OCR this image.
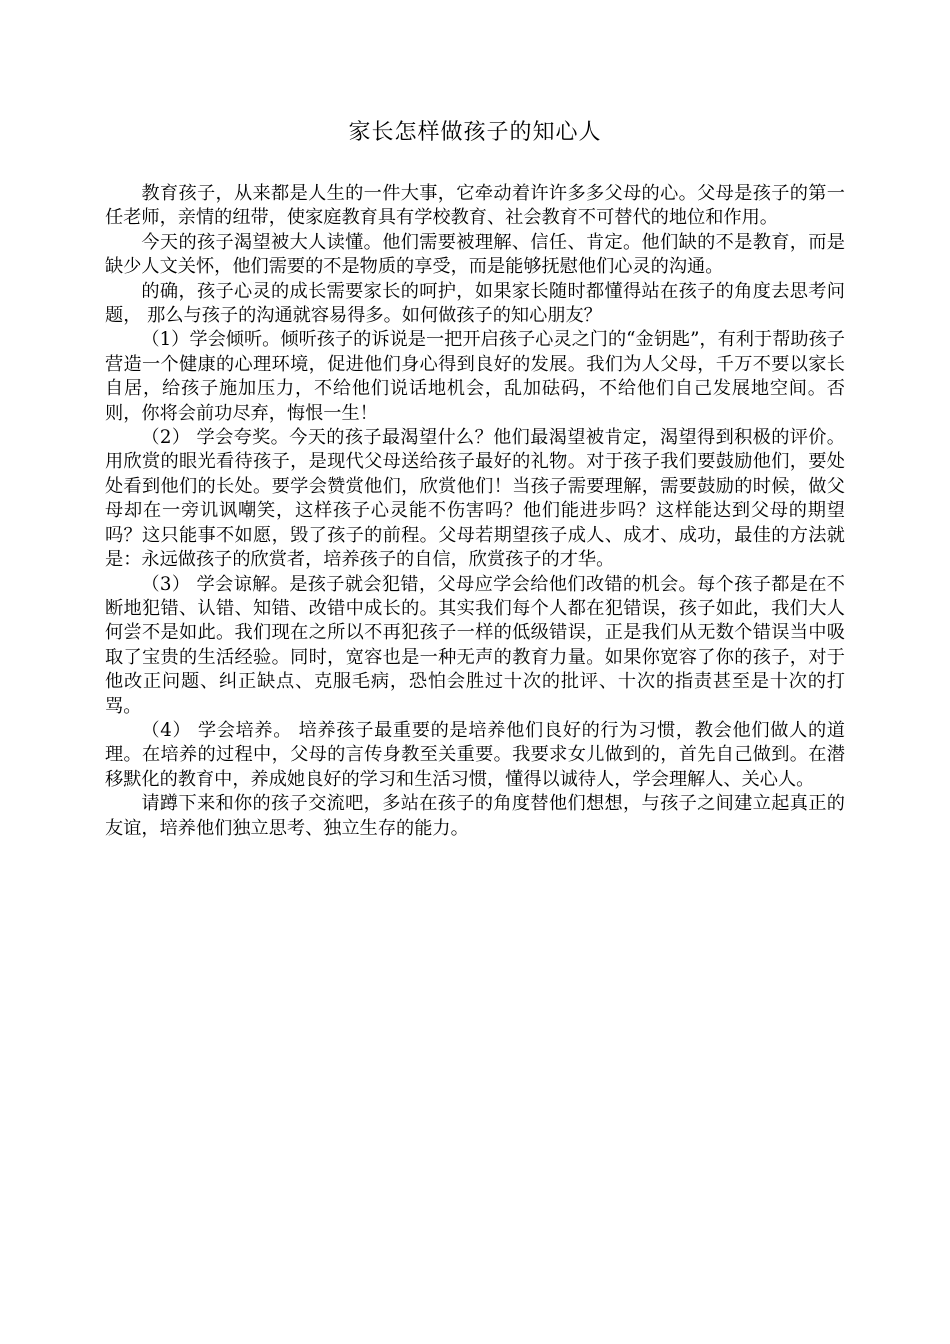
家长怎样做孩子的知心人

教育孩子，从来都是人生的一件大事，它牵动着许许多多父母的心。父母是孩子的第一任老师，亲情的纽带，使家庭教育具有学校教育、社会教育不可替代的地位和作用。

今天的孩子渴望被大人读懂。他们需要被理解、信任、肯定。他们缺的不是教育，而是缺少人文关怀，他们需要的不是物质的享受，而是能够抚慰他们心灵的沟通。

的确，孩子心灵的成长需要家长的呵护，如果家长随时都懂得站在孩子的角度去思考问题， 那么与孩子的沟通就容易得多。如何做孩子的知心朋友？

（1）学会倾听。倾听孩子的诉说是一把开启孩子心灵之门的“金钥匙”，有利于帮助孩子营造一个健康的心理环境，促进他们身心得到良好的发展。我们为人父母，千万不要以家长自居，给孩子施加压力，不给他们说话地机会，乱加砝码，不给他们自己发展地空间。否则，你将会前功尽弃，悔恨一生！

（2） 学会夸奖。今天的孩子最渴望什么？他们最渴望被肯定，渴望得到积极的评价。用欣赏的眼光看待孩子，是现代父母送给孩子最好的礼物。对于孩子我们要鼓励他们，要处处看到他们的长处。要学会赞赏他们，欣赏他们！当孩子需要理解，需要鼓励的时候，做父母却在一旁讥讽嘲笑，这样孩子心灵能不伤害吗？他们能进步吗？这样能达到父母的期望吗？这只能事不如愿，毁了孩子的前程。父母若期望孩子成人、成才、成功，最佳的方法就是：永远做孩子的欣赏者，培养孩子的自信，欣赏孩子的才华。

（3） 学会谅解。是孩子就会犯错，父母应学会给他们改错的机会。每个孩子都是在不断地犯错、认错、知错、改错中成长的。其实我们每个人都在犯错误，孩子如此，我们大人何尝不是如此。我们现在之所以不再犯孩子一样的低级错误，正是我们从无数个错误当中吸取了宝贵的生活经验。同时，宽容也是一种无声的教育力量。如果你宽容了你的孩子，对于他改正问题、纠正缺点、克服毛病，恐怕会胜过十次的批评、十次的指责甚至是十次的打骂。

（4） 学会培养。 培养孩子最重要的是培养他们良好的行为习惯，教会他们做人的道理。在培养的过程中，父母的言传身教至关重要。我要求女儿做到的，首先自己做到。在潜移默化的教育中，养成她良好的学习和生活习惯，懂得以诚待人，学会理解人、关心人。

请蹲下来和你的孩子交流吧，多站在孩子的角度替他们想想，与孩子之间建立起真正的友谊，培养他们独立思考、独立生存的能力。
